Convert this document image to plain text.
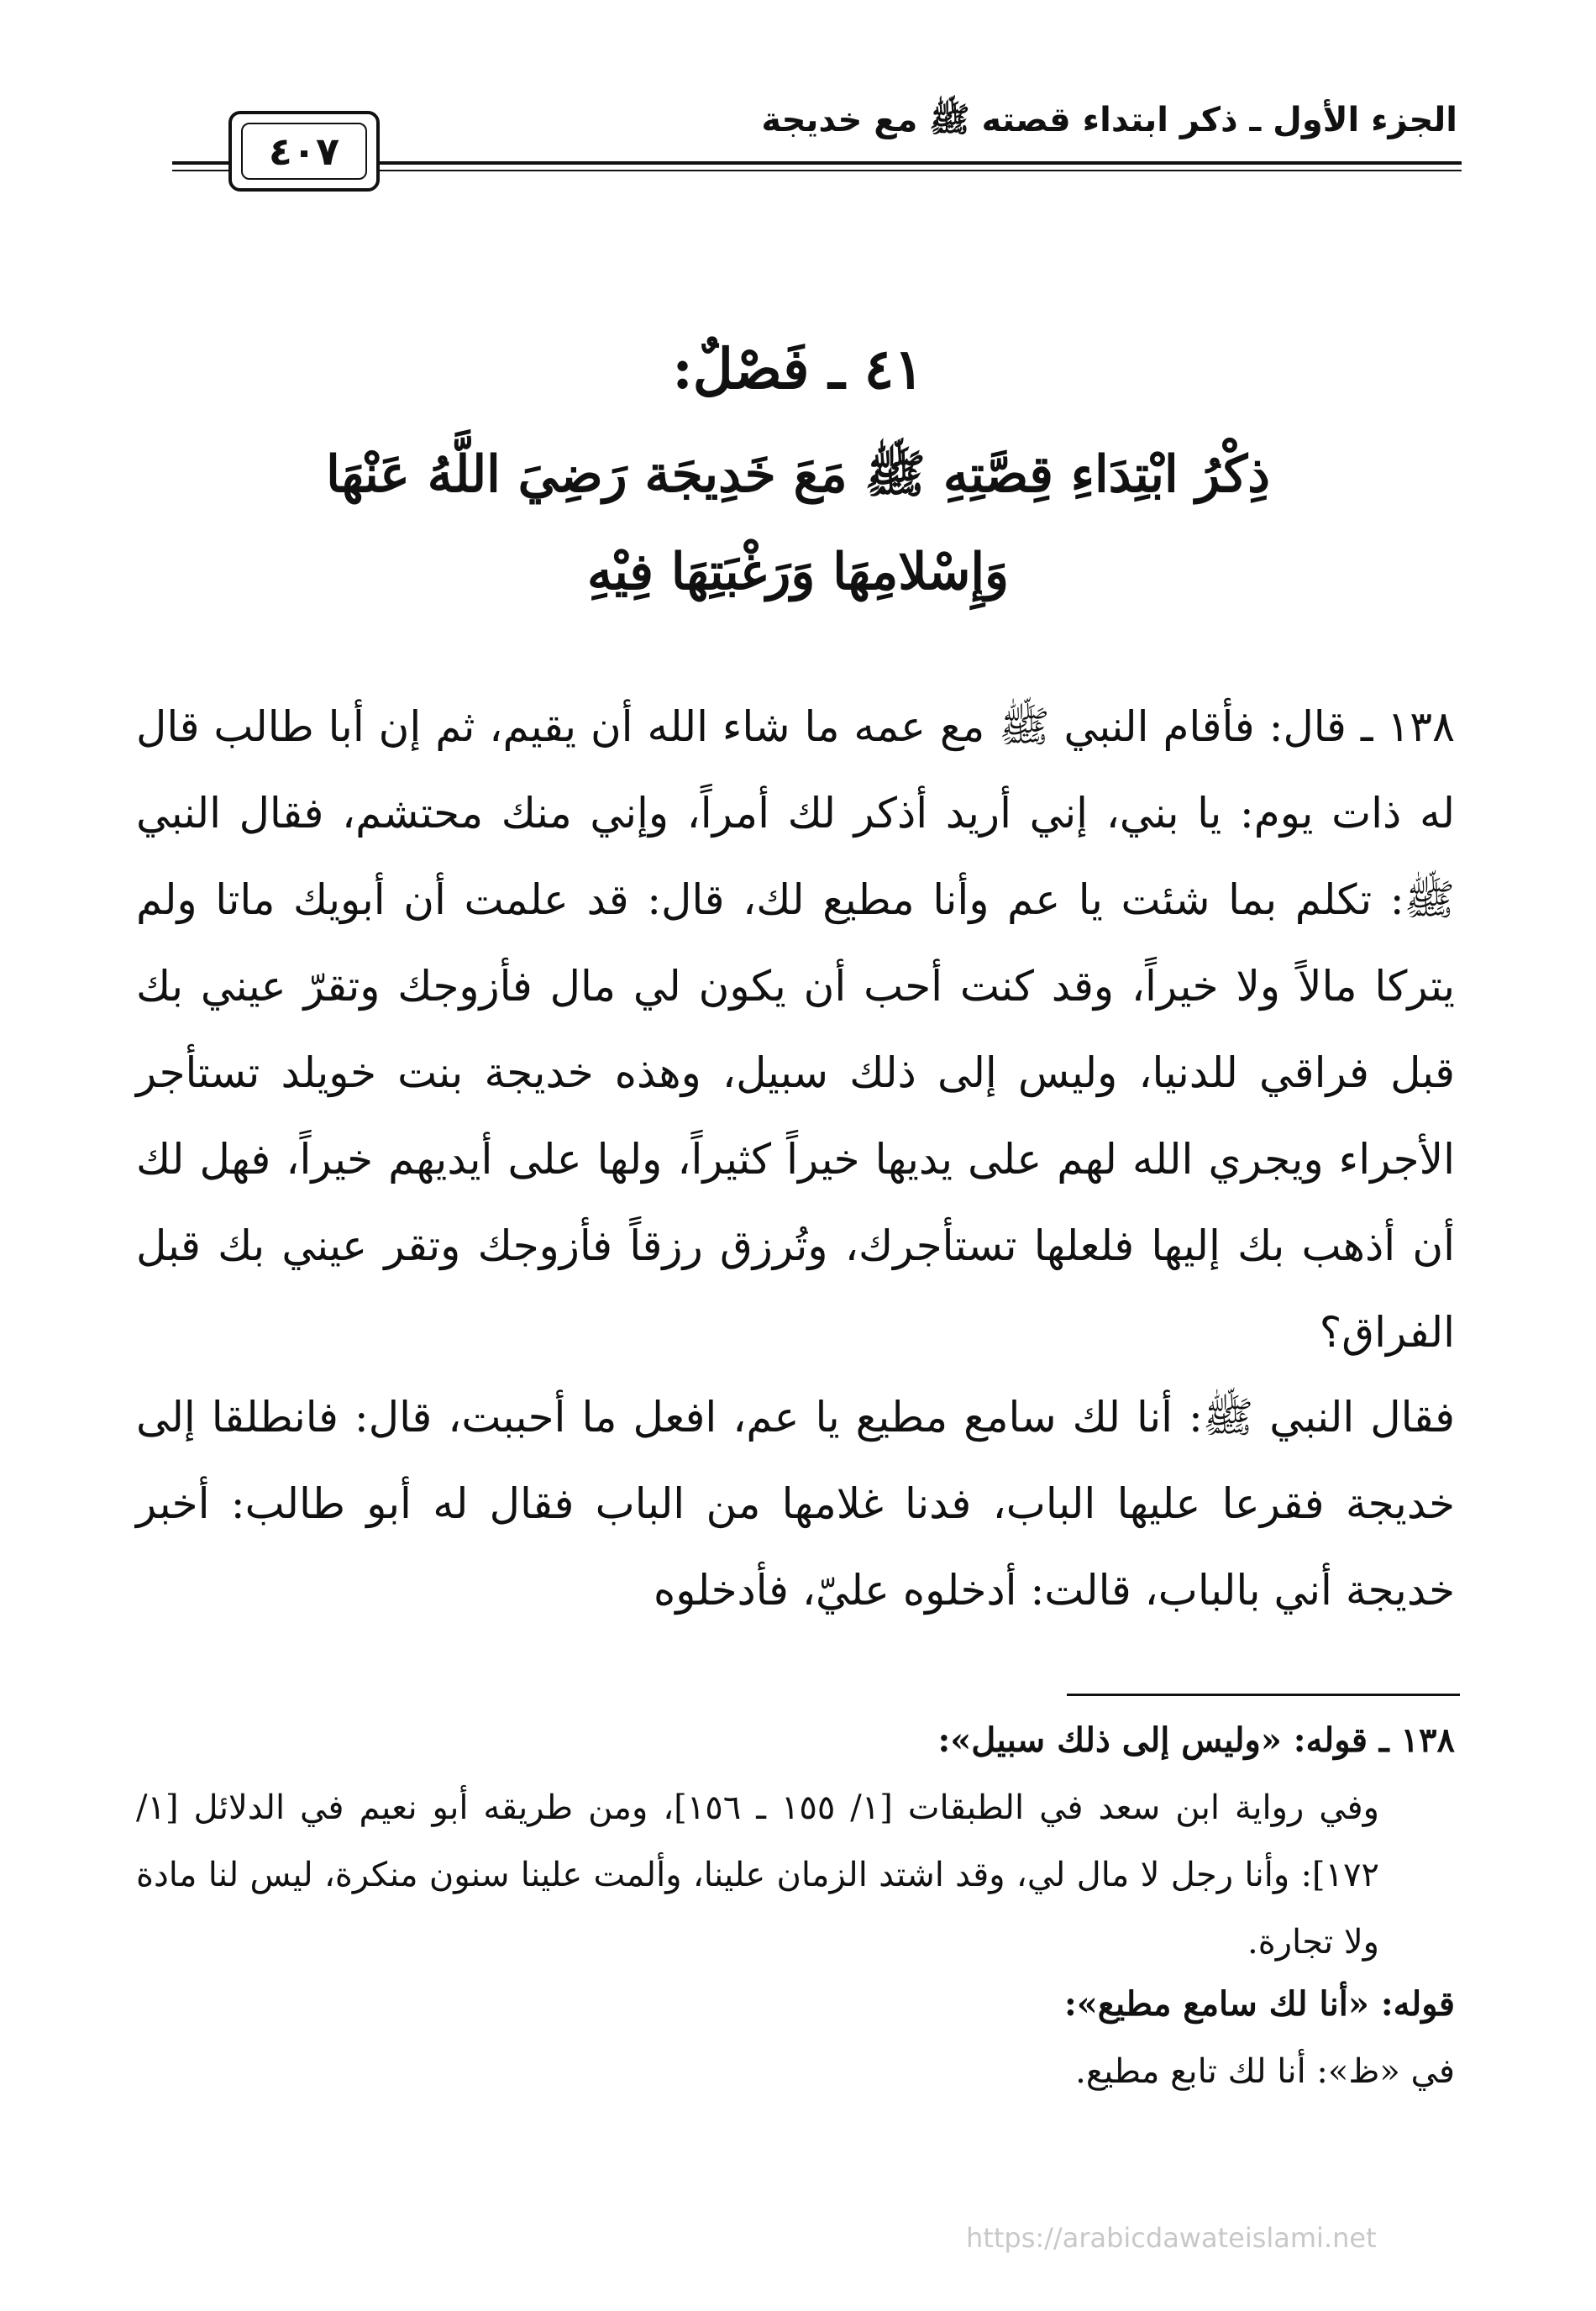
الجزء الأول ـ ذكر ابتداء قصته ﷺ مع خديجة
٤٠٧
٤١ ـ فَصْلٌ:
ذِكْرُ ابْتِدَاءِ قِصَّتِهِ ﷺ مَعَ خَدِيجَة رَضِيَ اللَّهُ عَنْهَا
وَإِسْلامِهَا وَرَغْبَتِهَا فِيْهِ
١٣٨ ـ قال: فأقام النبي ﷺ مع عمه ما شاء الله أن يقيم، ثم إن أبا طالب قال له ذات يوم: يا بني، إني أريد أذكر لك أمراً، وإني منك محتشم، فقال النبي ﷺ: تكلم بما شئت يا عم وأنا مطيع لك، قال: قد علمت أن أبويك ماتا ولم يتركا مالاً ولا خيراً، وقد كنت أحب أن يكون لي مال فأزوجك وتقرّ عيني بك قبل فراقي للدنيا، وليس إلى ذلك سبيل، وهذه خديجة بنت خويلد تستأجر الأجراء ويجري الله لهم على يديها خيراً كثيراً، ولها على أيديهم خيراً، فهل لك أن أذهب بك إليها فلعلها تستأجرك، وتُرزق رزقاً فأزوجك وتقر عيني بك قبل الفراق؟
فقال النبي ﷺ: أنا لك سامع مطيع يا عم، افعل ما أحببت، قال: فانطلقا إلى خديجة فقرعا عليها الباب، فدنا غلامها من الباب فقال له أبو طالب: أخبر خديجة أني بالباب، قالت: أدخلوه عليّ، فأدخلوه
١٣٨ ـ قوله: «وليس إلى ذلك سبيل»:
وفي رواية ابن سعد في الطبقات [١/ ١٥٥ ـ ١٥٦]، ومن طريقه أبو نعيم في الدلائل [١/ ١٧٢]: وأنا رجل لا مال لي، وقد اشتد الزمان علينا، وألمت علينا سنون منكرة، ليس لنا مادة ولا تجارة.
قوله: «أنا لك سامع مطيع»:
في «ظ»: أنا لك تابع مطيع.
https://arabicdawateislami.net
